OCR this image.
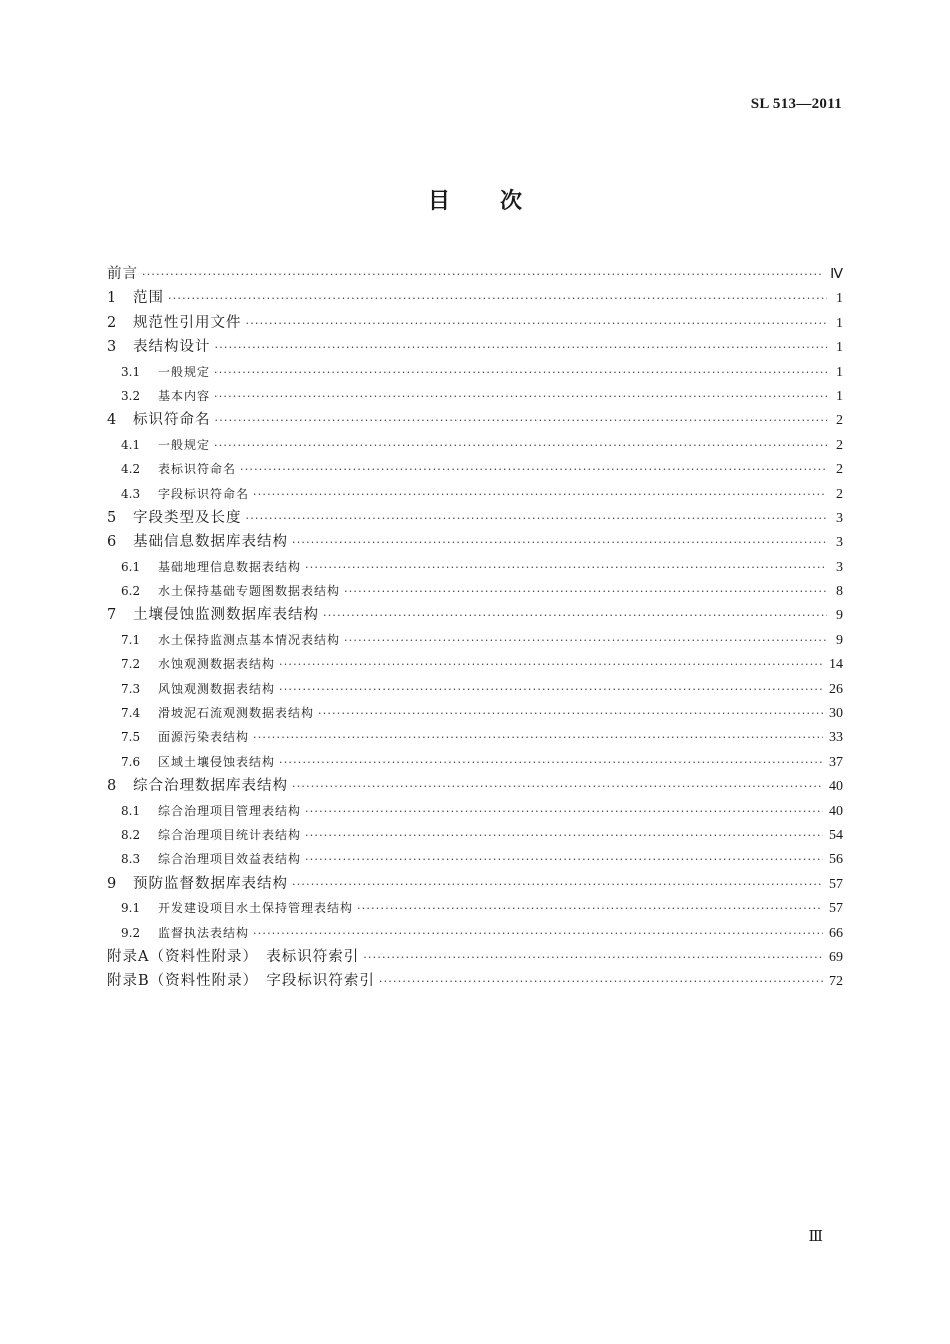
SL 513—2011
目次
前言 ·····	Ⅳ
1	范围 ·····	1
2	规范性引用文件 ·····	1
3	表结构设计 ·····	1
3.1	一般规定 ·····	1
3.2	基本内容 ·····	1
4	标识符命名 ·····	2
4.1	一般规定 ·····	2
4.2	表标识符命名 ·····	2
4.3	字段标识符命名 ·····	2
5	字段类型及长度 ·····	3
6	基础信息数据库表结构 ·····	3
6.1	基础地理信息数据表结构 ·····	3
6.2	水土保持基础专题图数据表结构 ·····	8
7	土壤侵蚀监测数据库表结构 ·····	9
7.1	水土保持监测点基本情况表结构 ·····	9
7.2	水蚀观测数据表结构 ·····	14
7.3	风蚀观测数据表结构 ·····	26
7.4	滑坡泥石流观测数据表结构 ·····	30
7.5	面源污染表结构 ·····	33
7.6	区域土壤侵蚀表结构 ·····	37
8	综合治理数据库表结构 ·····	40
8.1	综合治理项目管理表结构 ·····	40
8.2	综合治理项目统计表结构 ·····	54
8.3	综合治理项目效益表结构 ·····	56
9	预防监督数据库表结构 ·····	57
9.1	开发建设项目水土保持管理表结构 ·····	57
9.2	监督执法表结构 ·····	66
附录A（资料性附录）　表标识符索引 ·····	69
附录B（资料性附录）　字段标识符索引 ·····	72
Ⅲ
